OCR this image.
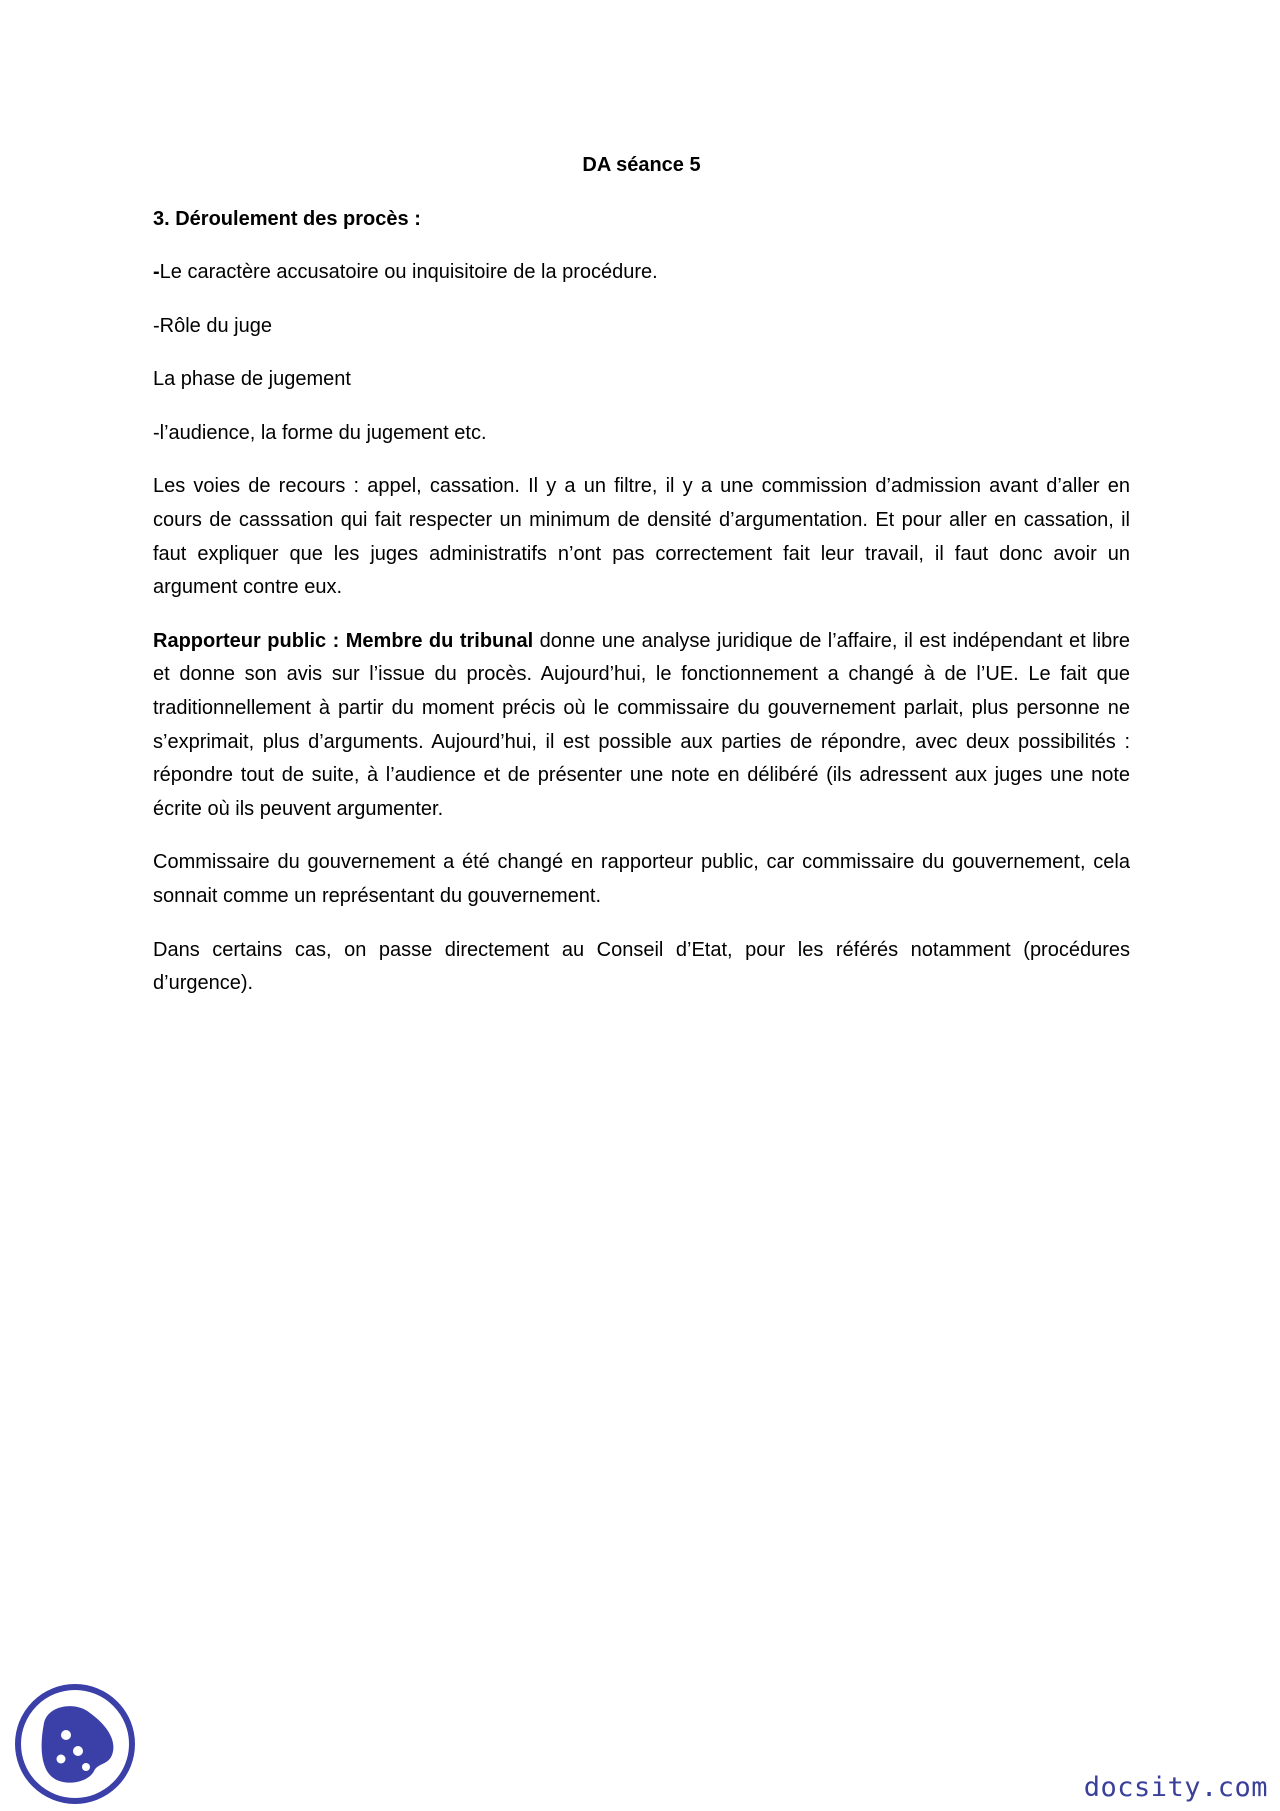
DA séance 5
3. Déroulement des procès :

-Le caractère accusatoire ou inquisitoire de la procédure.

-Rôle du juge

La phase de jugement

-l’audience, la forme du jugement etc.

Les voies de recours : appel, cassation. Il y a un filtre, il y a une commission d’admission avant d’aller en cours de casssation qui fait respecter un minimum de densité d’argumentation. Et pour aller en cassation, il faut expliquer que les juges administratifs n’ont pas correctement fait leur travail, il faut donc avoir un argument contre eux.

Rapporteur public : Membre du tribunal donne une analyse juridique de l’affaire, il est indépendant et libre et donne son avis sur l’issue du procès. Aujourd’hui, le fonctionnement a changé à de l’UE. Le fait que traditionnellement à partir du moment précis où le commissaire du gouvernement parlait, plus personne ne s’exprimait, plus d’arguments. Aujourd’hui, il est possible aux parties de répondre, avec deux possibilités : répondre tout de suite, à l’audience et de présenter une note en délibéré (ils adressent aux juges une note écrite où ils peuvent argumenter.

Commissaire du gouvernement a été changé en rapporteur public, car commissaire du gouvernement, cela sonnait comme un représentant du gouvernement.

Dans certains cas, on passe directement au Conseil d’Etat, pour les référés notamment (procédures d’urgence).

docsity.com
